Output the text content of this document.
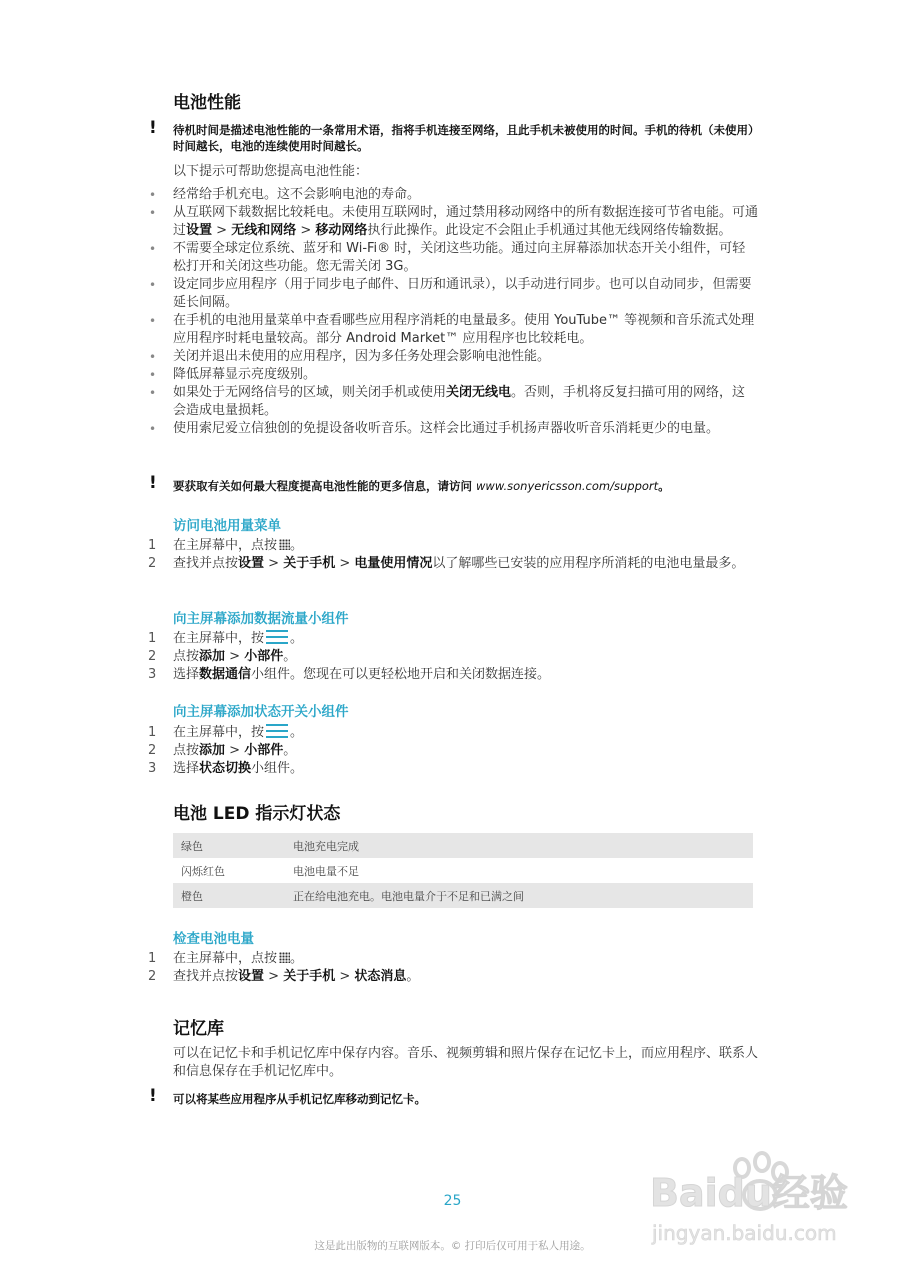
电池性能
! 待机时间是描述电池性能的一条常用术语，指将手机连接至网络，且此手机未被使用的时间。手机的待机（未使用）时间越长，电池的连续使用时间越长。
以下提示可帮助您提高电池性能：
• 经常给手机充电。这不会影响电池的寿命。
• 从互联网下载数据比较耗电。未使用互联网时，通过禁用移动网络中的所有数据连接可节省电能。可通过设置 > 无线和网络 > 移动网络执行此操作。此设定不会阻止手机通过其他无线网络传输数据。
• 不需要全球定位系统、蓝牙和 Wi-Fi® 时，关闭这些功能。通过向主屏幕添加状态开关小组件，可轻松打开和关闭这些功能。您无需关闭 3G。
• 设定同步应用程序（用于同步电子邮件、日历和通讯录），以手动进行同步。也可以自动同步，但需要延长间隔。
• 在手机的电池用量菜单中查看哪些应用程序消耗的电量最多。使用 YouTube™ 等视频和音乐流式处理应用程序时耗电量较高。部分 Android Market™ 应用程序也比较耗电。
• 关闭并退出未使用的应用程序，因为多任务处理会影响电池性能。
• 降低屏幕显示亮度级别。
• 如果处于无网络信号的区域，则关闭手机或使用关闭无线电。否则，手机将反复扫描可用的网络，这会造成电量损耗。
• 使用索尼爱立信独创的免提设备收听音乐。这样会比通过手机扬声器收听音乐消耗更少的电量。
! 要获取有关如何最大程度提高电池性能的更多信息，请访问 www.sonyericsson.com/support。
访问电池用量菜单
1 在主屏幕中，点按 。
2 查找并点按设置 > 关于手机 > 电量使用情况以了解哪些已安装的应用程序所消耗的电池电量最多。
向主屏幕添加数据流量小组件
1 在主屏幕中，按 。
2 点按添加 > 小部件。
3 选择数据通信小组件。您现在可以更轻松地开启和关闭数据连接。
向主屏幕添加状态开关小组件
1 在主屏幕中，按 。
2 点按添加 > 小部件。
3 选择状态切换小组件。
电池 LED 指示灯状态
绿色	电池充电完成
闪烁红色	电池电量不足
橙色	正在给电池充电。电池电量介于不足和已满之间
检查电池电量
1 在主屏幕中，点按 。
2 查找并点按设置 > 关于手机 > 状态消息。
记忆库
可以在记忆卡和手机记忆库中保存内容。音乐、视频剪辑和照片保存在记忆卡上，而应用程序、联系人和信息保存在手机记忆库中。
! 可以将某些应用程序从手机记忆库移动到记忆卡。
Baidu经验
jingyan.baidu.com
25
这是此出版物的互联网版本。© 打印后仅可用于私人用途。
